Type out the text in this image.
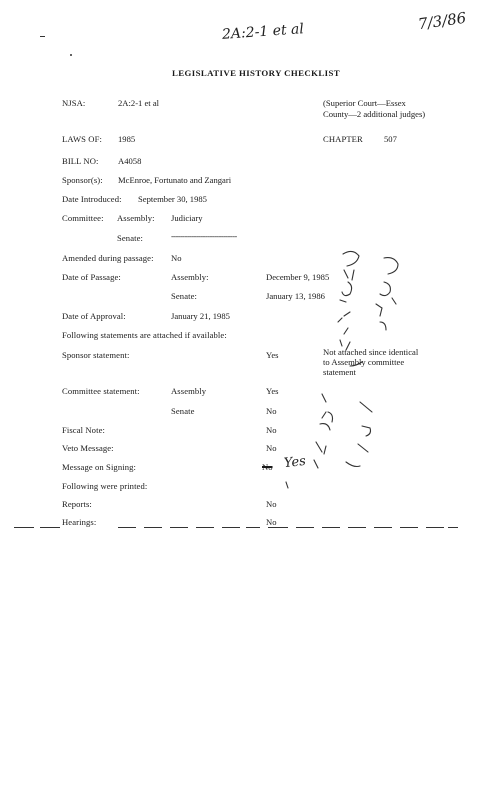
2A:2-1 et al	7/3/86
LEGISLATIVE HISTORY CHECKLIST
NJSA:	2A:2-1 et al	(Superior Court—Essex County—2 additional judges)
LAWS OF: 1985	CHAPTER 507
BILL NO: A4058
Sponsor(s): McEnroe, Fortunato and Zangari
Date Introduced: September 30, 1985
Committee: Assembly: Judiciary
Senate:	-----------------------------
Amended during passage: No
Date of Passage:	Assembly:	December 9, 1985
Senate:	January 13, 1986
Date of Approval:	January 21, 1985
Following statements are attached if available:
Sponsor statement:	Yes	Not attached since identical to Assembly committee statement
Committee statement:	Assembly	Yes
Senate	No
Fiscal Note:	No
Veto Message:	No
Message on Signing:	No Yes
Following were printed:
Reports:	No
Hearings:	No
